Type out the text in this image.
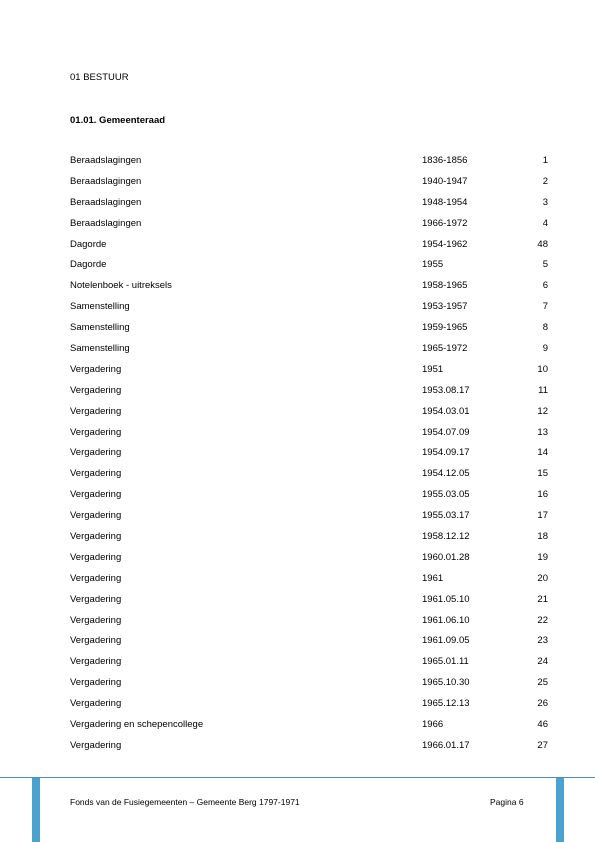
01 BESTUUR
01.01. Gemeenteraad
Beraadslagingen	1836-1856	1
Beraadslagingen	1940-1947	2
Beraadslagingen	1948-1954	3
Beraadslagingen	1966-1972	4
Dagorde	1954-1962	48
Dagorde	1955	5
Notelenboek - uitreksels	1958-1965	6
Samenstelling	1953-1957	7
Samenstelling	1959-1965	8
Samenstelling	1965-1972	9
Vergadering	1951	10
Vergadering	1953.08.17	11
Vergadering	1954.03.01	12
Vergadering	1954.07.09	13
Vergadering	1954.09.17	14
Vergadering	1954.12.05	15
Vergadering	1955.03.05	16
Vergadering	1955.03.17	17
Vergadering	1958.12.12	18
Vergadering	1960.01.28	19
Vergadering	1961	20
Vergadering	1961.05.10	21
Vergadering	1961.06.10	22
Vergadering	1961.09.05	23
Vergadering	1965.01.11	24
Vergadering	1965.10.30	25
Vergadering	1965.12.13	26
Vergadering en schepencollege	1966	46
Vergadering	1966.01.17	27
Fonds van de Fusiegemeenten – Gemeente Berg 1797-1971	Pagina 6
